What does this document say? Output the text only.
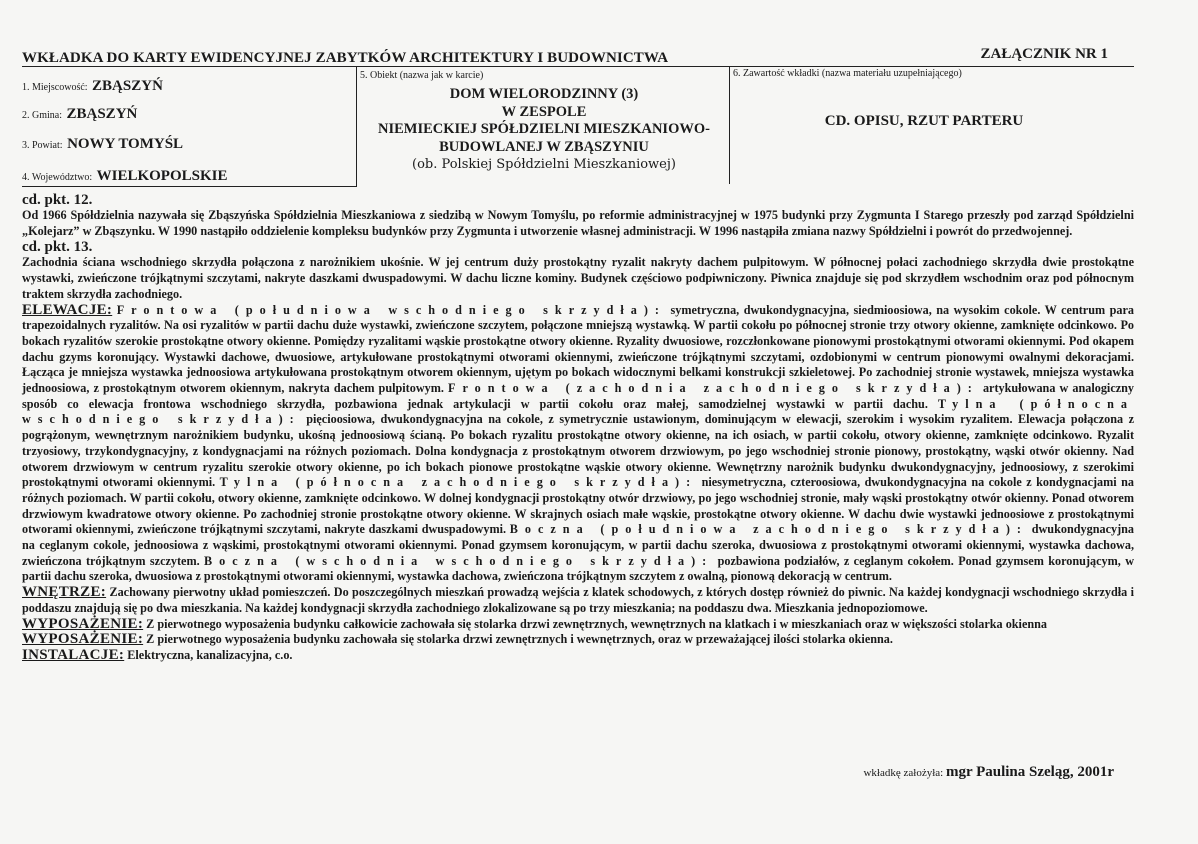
WKŁADKA DO KARTY EWIDENCYJNEJ ZABYTKÓW ARCHITEKTURY I BUDOWNICTWA	ZAŁĄCZNIK NR 1
1. Miejscowość: ZBĄSZYŃ
2. Gmina: ZBĄSZYŃ
3. Powiat: NOWY TOMYŚL
4. Województwo: WIELKOPOLSKIE
5. Obiekt (nazwa jak w karcie)
DOM WIELORODZINNY (3)
W ZESPOLE
NIEMIECKIEJ SPÓŁDZIELNI MIESZKANIOWO-
BUDOWLANEJ W ZBĄSZYNIU
(ob. Polskiej Spółdzielni Mieszkaniowej)
6. Zawartość wkładki (nazwa materiału uzupełniającego)
CD. OPISU, RZUT PARTERU

cd. pkt. 12.

Od 1966 Spółdzielnia nazywała się Zbąszyńska Spółdzielnia Mieszkaniowa z siedzibą w Nowym Tomyślu, po reformie administracyjnej w 1975 budynki przy Zygmunta I Starego przeszły pod zarząd Spółdzielni „Kolejarz” w Zbąszynku. W 1990 nastąpiło oddzielenie kompleksu budynków przy Zygmunta i utworzenie własnej administracji. W 1996 nastąpiła zmiana nazwy Spółdzielni i powrót do przedwojennej.

cd. pkt. 13.

Zachodnia ściana wschodniego skrzydła połączona z narożnikiem ukośnie. W jej centrum duży prostokątny ryzalit nakryty dachem pulpitowym. W północnej połaci zachodniego skrzydła dwie prostokątne wystawki, zwieńczone trójkątnymi szczytami, nakryte daszkami dwuspadowymi. W dachu liczne kominy. Budynek częściowo podpiwniczony. Piwnica znajduje się pod skrzydłem wschodnim oraz pod północnym traktem skrzydła zachodniego.

ELEWACJE: Frontowa (południowa wschodniego skrzydła): symetryczna, dwukondygnacyjna, siedmioosiowa, na wysokim cokole. W centrum para trapezoidalnych ryzalitów. Na osi ryzalitów w partii dachu duże wystawki, zwieńczone szczytem, połączone mniejszą wystawką. W partii cokołu po północnej stronie trzy otwory okienne, zamknięte odcinkowo. Po bokach ryzalitów szerokie prostokątne otwory okienne. Pomiędzy ryzalitami wąskie prostokątne otwory okienne. Ryzality dwuosiowe, rozczłonkowane pionowymi prostokątnymi otworami okiennymi. Pod okapem dachu gzyms koronujący. Wystawki dachowe, dwuosiowe, artykułowane prostokątnymi otworami okiennymi, zwieńczone trójkątnymi szczytami, ozdobionymi w centrum pionowymi owalnymi dekoracjami. Łącząca je mniejsza wystawka jednoosiowa artykułowana prostokątnym otworem okiennym, ujętym po bokach widocznymi belkami konstrukcji szkieletowej. Po zachodniej stronie wystawek, mniejsza wystawka jednoosiowa, z prostokątnym otworem okiennym, nakryta dachem pulpitowym. Frontowa (zachodnia zachodniego skrzydła): artykułowana w analogiczny sposób co elewacja frontowa wschodniego skrzydła, pozbawiona jednak artykulacji w partii cokołu oraz małej, samodzielnej wystawki w partii dachu. Tylna (północna wschodniego skrzydła): pięcioosiowa, dwukondygnacyjna na cokole, z symetrycznie ustawionym, dominującym w elewacji, szerokim i wysokim ryzalitem. Elewacja połączona z pogrążonym, wewnętrznym narożnikiem budynku, ukośną jednoosiową ścianą. Po bokach ryzalitu prostokątne otwory okienne, na ich osiach, w partii cokołu, otwory okienne, zamknięte odcinkowo. Ryzalit trzyosiowy, trzykondygnacyjny, z kondygnacjami na różnych poziomach. Dolna kondygnacja z prostokątnym otworem drzwiowym, po jego wschodniej stronie pionowy, prostokątny, wąski otwór okienny. Nad otworem drzwiowym w centrum ryzalitu szerokie otwory okienne, po ich bokach pionowe prostokątne wąskie otwory okienne. Wewnętrzny narożnik budynku dwukondygnacyjny, jednoosiowy, z szerokimi prostokątnymi otworami okiennymi. Tylna (północna zachodniego skrzydła): niesymetryczna, czteroosiowa, dwukondygnacyjna na cokole z kondygnacjami na różnych poziomach. W partii cokołu, otwory okienne, zamknięte odcinkowo. W dolnej kondygnacji prostokątny otwór drzwiowy, po jego wschodniej stronie, mały wąski prostokątny otwór okienny. Ponad otworem drzwiowym kwadratowe otwory okienne. Po zachodniej stronie prostokątne otwory okienne. W skrajnych osiach małe wąskie, prostokątne otwory okienne. W dachu dwie wystawki jednoosiowe z prostokątnymi otworami okiennymi, zwieńczone trójkątnymi szczytami, nakryte daszkami dwuspadowymi. Boczna (południowa zachodniego skrzydła): dwukondygnacyjna na ceglanym cokole, jednoosiowa z wąskimi, prostokątnymi otworami okiennymi. Ponad gzymsem koronującym, w partii dachu szeroka, dwuosiowa z prostokątnymi otworami okiennymi, wystawka dachowa, zwieńczona trójkątnym szczytem. Boczna (wschodnia wschodniego skrzydła): pozbawiona podziałów, z ceglanym cokołem. Ponad gzymsem koronującym, w partii dachu szeroka, dwuosiowa z prostokątnymi otworami okiennymi, wystawka dachowa, zwieńczona trójkątnym szczytem z owalną, pionową dekoracją w centrum.

WNĘTRZE: Zachowany pierwotny układ pomieszczeń. Do poszczególnych mieszkań prowadzą wejścia z klatek schodowych, z których dostęp również do piwnic. Na każdej kondygnacji wschodniego skrzydła i poddaszu znajdują się po dwa mieszkania. Na każdej kondygnacji skrzydła zachodniego zlokalizowane są po trzy mieszkania; na poddaszu dwa. Mieszkania jednopoziomowe.

WYPOSAŻENIE: Z pierwotnego wyposażenia budynku całkowicie zachowała się stolarka drzwi zewnętrznych, wewnętrznych na klatkach i w mieszkaniach oraz w większości stolarka okienna

WYPOSAŻENIE: Z pierwotnego wyposażenia budynku zachowała się stolarka drzwi zewnętrznych i wewnętrznych, oraz w przeważającej ilości stolarka okienna.

INSTALACJE: Elektryczna, kanalizacyjna, c.o.

wkładkę założyła: mgr Paulina Szeląg, 2001r
